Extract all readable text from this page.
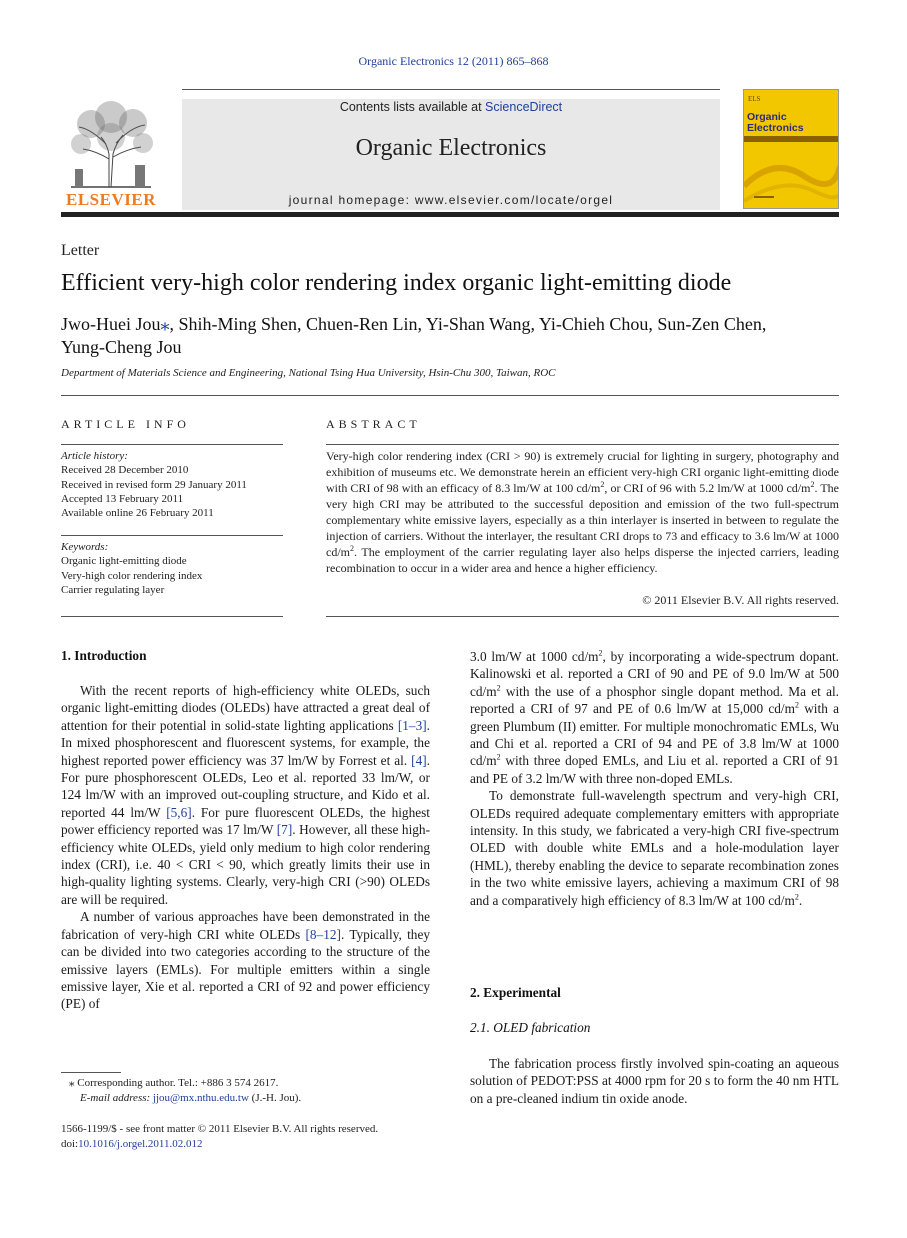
Organic Electronics 12 (2011) 865–868
Contents lists available at ScienceDirect
Organic Electronics
journal homepage: www.elsevier.com/locate/orgel
ELSEVIER
ELS
Organic Electronics
Letter
Efficient very-high color rendering index organic light-emitting diode
Jwo-Huei Jou⁎, Shih-Ming Shen, Chuen-Ren Lin, Yi-Shan Wang, Yi-Chieh Chou, Sun-Zen Chen,
Yung-Cheng Jou
Department of Materials Science and Engineering, National Tsing Hua University, Hsin-Chu 300, Taiwan, ROC
ARTICLE INFO	ABSTRACT
Article history:
Received 28 December 2010
Received in revised form 29 January 2011
Accepted 13 February 2011
Available online 26 February 2011
Keywords:
Organic light-emitting diode
Very-high color rendering index
Carrier regulating layer
Very-high color rendering index (CRI > 90) is extremely crucial for lighting in surgery, photography and exhibition of museums etc. We demonstrate herein an efficient very-high CRI organic light-emitting diode with CRI of 98 with an efficacy of 8.3 lm/W at 100 $cd/m^2$, or CRI of 96 with 5.2 lm/W at 1000 $cd/m^2$. The very high CRI may be attributed to the successful deposition and emission of the two full-spectrum complementary white emissive layers, especially as a thin interlayer is inserted in between to regulate the injection of carriers. Without the interlayer, the resultant CRI drops to 73 and efficacy to 3.6 lm/W at 1000 $cd/m^2$. The employment of the carrier regulating layer also helps disperse the injected carriers, leading recombination to occur in a wider area and hence a higher efficiency.
© 2011 Elsevier B.V. All rights reserved.
1. Introduction

With the recent reports of high-efficiency white OLEDs, such organic light-emitting diodes (OLEDs) have attracted a great deal of attention for their potential in solid-state lighting applications [1–3]. In mixed phosphorescent and fluorescent systems, for example, the highest reported power efficiency was 37 lm/W by Forrest et al. [4]. For pure phosphorescent OLEDs, Leo et al. reported 33 lm/W, or 124 lm/W with an improved out-coupling structure, and Kido et al. reported 44 lm/W [5,6]. For pure fluorescent OLEDs, the highest power efficiency reported was 17 lm/W [7]. However, all these high-efficiency white OLEDs, yield only medium to high color rendering index (CRI), i.e. 40 < CRI < 90, which greatly limits their use in high-quality lighting systems. Clearly, very-high CRI (>90) OLEDs are will be required.

A number of various approaches have been demonstrated in the fabrication of very-high CRI white OLEDs [8–12]. Typically, they can be divided into two categories according to the structure of the emissive layers (EMLs). For multiple emitters within a single emissive layer, Xie et al. reported a CRI of 92 and power efficiency (PE) of

3.0 lm/W at 1000 $cd/m^2$, by incorporating a wide-spectrum dopant. Kalinowski et al. reported a CRI of 90 and PE of 9.0 lm/W at 500 $cd/m^2$ with the use of a phosphor single dopant method. Ma et al. reported a CRI of 97 and PE of 0.6 lm/W at 15,000 $cd/m^2$ with a green Plumbum (II) emitter. For multiple monochromatic EMLs, Wu and Chi et al. reported a CRI of 94 and PE of 3.8 lm/W at 1000 $cd/m^2$ with three doped EMLs, and Liu et al. reported a CRI of 91 and PE of 3.2 lm/W with three non-doped EMLs.

To demonstrate full-wavelength spectrum and very-high CRI, OLEDs required adequate complementary emitters with appropriate intensity. In this study, we fabricated a very-high CRI five-spectrum OLED with double white EMLs and a hole-modulation layer (HML), thereby enabling the device to separate recombination zones in the two white emissive layers, achieving a maximum CRI of 98 and a comparatively high efficiency of 8.3 lm/W at 100 $cd/m^2$.

2. Experimental
2.1. OLED fabrication

The fabrication process firstly involved spin-coating an aqueous solution of PEDOT:PSS at 4000 rpm for 20 s to form the 40 nm HTL on a pre-cleaned indium tin oxide anode.

⁎ Corresponding author. Tel.: +886 3 574 2617.
E-mail address: jjou@mx.nthu.edu.tw (J.-H. Jou).
1566-1199/$ - see front matter © 2011 Elsevier B.V. All rights reserved.
doi:10.1016/j.orgel.2011.02.012
